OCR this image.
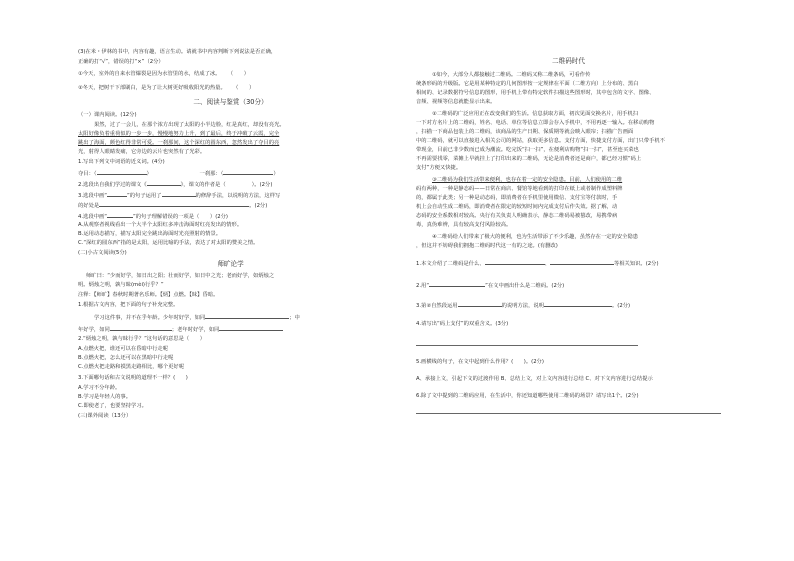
(3)在米・伊林的书中，内容有趣，语言生动。请就书中内容判断下列说法是否正确，
正确的打“√”，错误的打“×”（2分）
①今天，室外的自来水管爆裂是因为水管里的水，结成了冰。 （　　）
②冬天，把树干下部刷白，是为了让大树更好吸收阳光的热量。 （　　）
二、阅读与鉴赏（30分）
（一）课内阅读。(12分)
果然，过了一会儿，在那个浓方出现了太阳的小半边脸，红是真红，却没有亮光。
太阳好像负着重荷似的一步一步，慢慢地努力上升，到了最后，终于冲破了云霞，完全
跳出了海面，颜色红得非常可爱。一刹那间，这个深红的圆东西，忽然发出了夺目的亮
光，射得人眼睛发痛，它旁边的云片也突然有了光彩。
1.写出下列文中词语的近义词。(4分)
夺目：（	）	一刹那：（	）
2.选段出自我们学过的课文《	》，课文的作者是（	）。(2分)
3.选段中画“	”的句子运用了	的修辞手法，以说明的方法，这样写
的好处是	。(2分)
4.选段中画“	”的句子理解错误的一项是（　　）(2分)
A.从观察者视线看出一个大半个太阳红多冲击海面时红亮发出的情形。
B.运用动态描写，描写太阳完全跳出海面时光亮照射的情景。
C.“深红的圆东西”指的是太阳，运用比喻的手法，表达了对太阳的赞美之情。
(二)小古文阅读(5分)
师旷论学
师旷曰：“少而好学，如日出之阳；壮而好学，如日中之光；老而好学，如炳烛之
明。炳烛之明，孰与昧(mèi)行乎？”
注释：【师旷】春秋时期著名乐师。【炳】点燃。【昧】昏暗。
1.根据古文内容，把下面的句子补充完整。
学习这件事，并不在乎年龄。少年时好学，如同	；中
年好学，如同	；老年时好学，如同
2.“炳烛之明，孰与昧行乎？”这句话的意思是（　　）
A.点燃火把，谁还可以在昏暗中行走呢
B.点燃火把，怎么还可以在黑暗中行走呢
C.点燃火把走路和摸黑走路相比，哪个更好呢
3.下面哪句话和古文说明的道理不一样？(　　)
A.学习不分年龄。
B.学习是年轻人的事。
C.即使老了，也要坚持学习。
(三)课外阅读（13分）
二维码时代
①如今，大部分人都接触过二维码。二维码又称二维条码，可看作传
统条形码的升级版。它是用某种特定的几何图形按一定规律在平面（二维方向）上分布的、黑白
相间的、记录数据符号信息的图形，用手机上带有特定软件扫描这些图形时，其中包含的文字、图像、
音频、视频等信息就能显示出来。
②二维码的广泛应用正在改变我们的生活。信息获取方面，初次见面交换名片，用手机扫
一下对方名片上的二维码，姓名、电话、单位等信息立即会存入手机中，不用再逐一输入。在移动购物
，扫描一下商品包装上的二维码，该商品的生产日期、保质期等就会映入眼帘；扫描广告画面
中的二维码，就可以直接进入相关公司的网站，获取更多信息。支付方面，快捷支付方面，出门只带手机不
带现金，目前已非少数而已成为潮流。吃完饭“扫一扫”，在便利店购物“扫一扫”，甚至连买菜也
不再需要找零，菜摊上早就挂上了打印出来的二维码，无论是消费者还是商户，都已经习惯“码上
支付”方便又快捷。
③二维码为我们生活带来便利，也存在着一定的安全隐患。目前，人们使用的二维
码有两种，一种是静态码——日常在商店、餐馆等地看到的打印在纸上或者制作成塑料牌
的，都属于此类；另一种是动态码，即消费者在手机里使用微信、支付宝等付款时，手
机上会自动生成二维码，即消费者在限定的较短时间内完成支付后作失效。据了解，动
态码的安全系数相对较高。央行有关负责人明确表示，静态二维码易被篡改，易携带病
毒，真伪难辨，具有较高支付风险较高。
④二维码给人们带来了极大的便利，也为生活带添了不少乐趣，虽然存在一定的安全隐患
，但这并不妨碍我们拥抱二维码时代这一有的之途。(有删改)
1.本文介绍了二维码是什么、	、	等相关知识。(2分)
2.用“	”在文中画出什么是二维码。(2分)
3.第②自然段运用	的说明方法，说明	。(2分)
4.请写出“码上支付”的双重含义。(3分)
5.画横线的句子，在文中起到什么作用？(　　)。(2分)
A、承接上文，引起下文的过渡作用 B、总结上文，对上文内容进行总结 C、对下文内容进行总结提示
6.除了文中提到的二维码应用，在生活中，你还知道哪些使用二维码的场景？请写出1个。(2分)
